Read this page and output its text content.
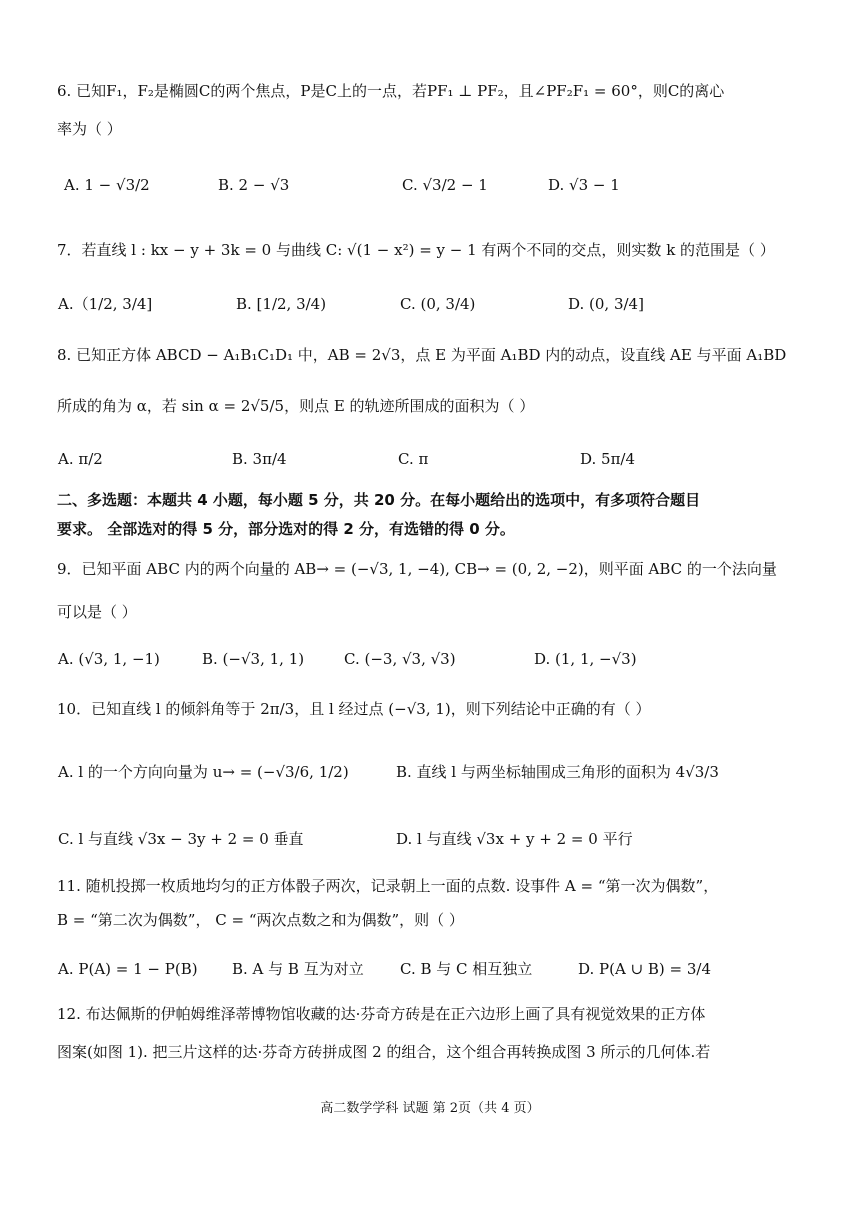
6. 已知F₁，F₂是椭圆C的两个焦点，P是C上的一点，若PF₁ ⊥ PF₂，且∠PF₂F₁ = 60°，则C的离心
率为（ ）
A. 1 − √3/2	B. 2 − √3	C. √3/2 − 1	D. √3 − 1
7．若直线 l : kx − y + 3k = 0 与曲线 C: √(1 − x²) = y − 1 有两个不同的交点，则实数 k 的范围是（ ）
A.（1/2, 3/4]	B. [1/2, 3/4)	C. (0, 3/4)	D. (0, 3/4]
8. 已知正方体 ABCD − A₁B₁C₁D₁ 中，AB = 2√3，点 E 为平面 A₁BD 内的动点，设直线 AE 与平面 A₁BD
所成的角为 α，若 sin α = 2√5/5，则点 E 的轨迹所围成的面积为（ ）
A. π/2	B. 3π/4	C. π	D. 5π/4
二、多选题：本题共 4 小题，每小题 5 分，共 20 分。在每小题给出的选项中，有多项符合题目
要求。 全部选对的得 5 分，部分选对的得 2 分，有选错的得 0 分。
9．已知平面 ABC 内的两个向量的 AB→ = (−√3, 1, −4), CB→ = (0, 2, −2)，则平面 ABC 的一个法向量
可以是（ ）
A. (√3, 1, −1)	B. (−√3, 1, 1)	C. (−3, √3, √3)	D. (1, 1, −√3)
10．已知直线 l 的倾斜角等于 2π/3，且 l 经过点 (−√3, 1)，则下列结论中正确的有（ ）
A. l 的一个方向向量为 u→ = (−√3/6, 1/2)	B. 直线 l 与两坐标轴围成三角形的面积为 4√3/3
C. l 与直线 √3x − 3y + 2 = 0 垂直	D. l 与直线 √3x + y + 2 = 0 平行
11. 随机投掷一枚质地均匀的正方体骰子两次，记录朝上一面的点数. 设事件 A = “第一次为偶数”，
B = “第二次为偶数”， C = “两次点数之和为偶数”，则（ ）
A. P(A) = 1 − P(B) B. A 与 B 互为对立 C. B 与 C 相互独立	D. P(A ∪ B) = 3/4
12. 布达佩斯的伊帕姆维泽蒂博物馆收藏的达·芬奇方砖是在正六边形上画了具有视觉效果的正方体
图案(如图 1). 把三片这样的达·芬奇方砖拼成图 2 的组合，这个组合再转换成图 3 所示的几何体.若
高二数学学科 试题 第 2页（共 4 页）
